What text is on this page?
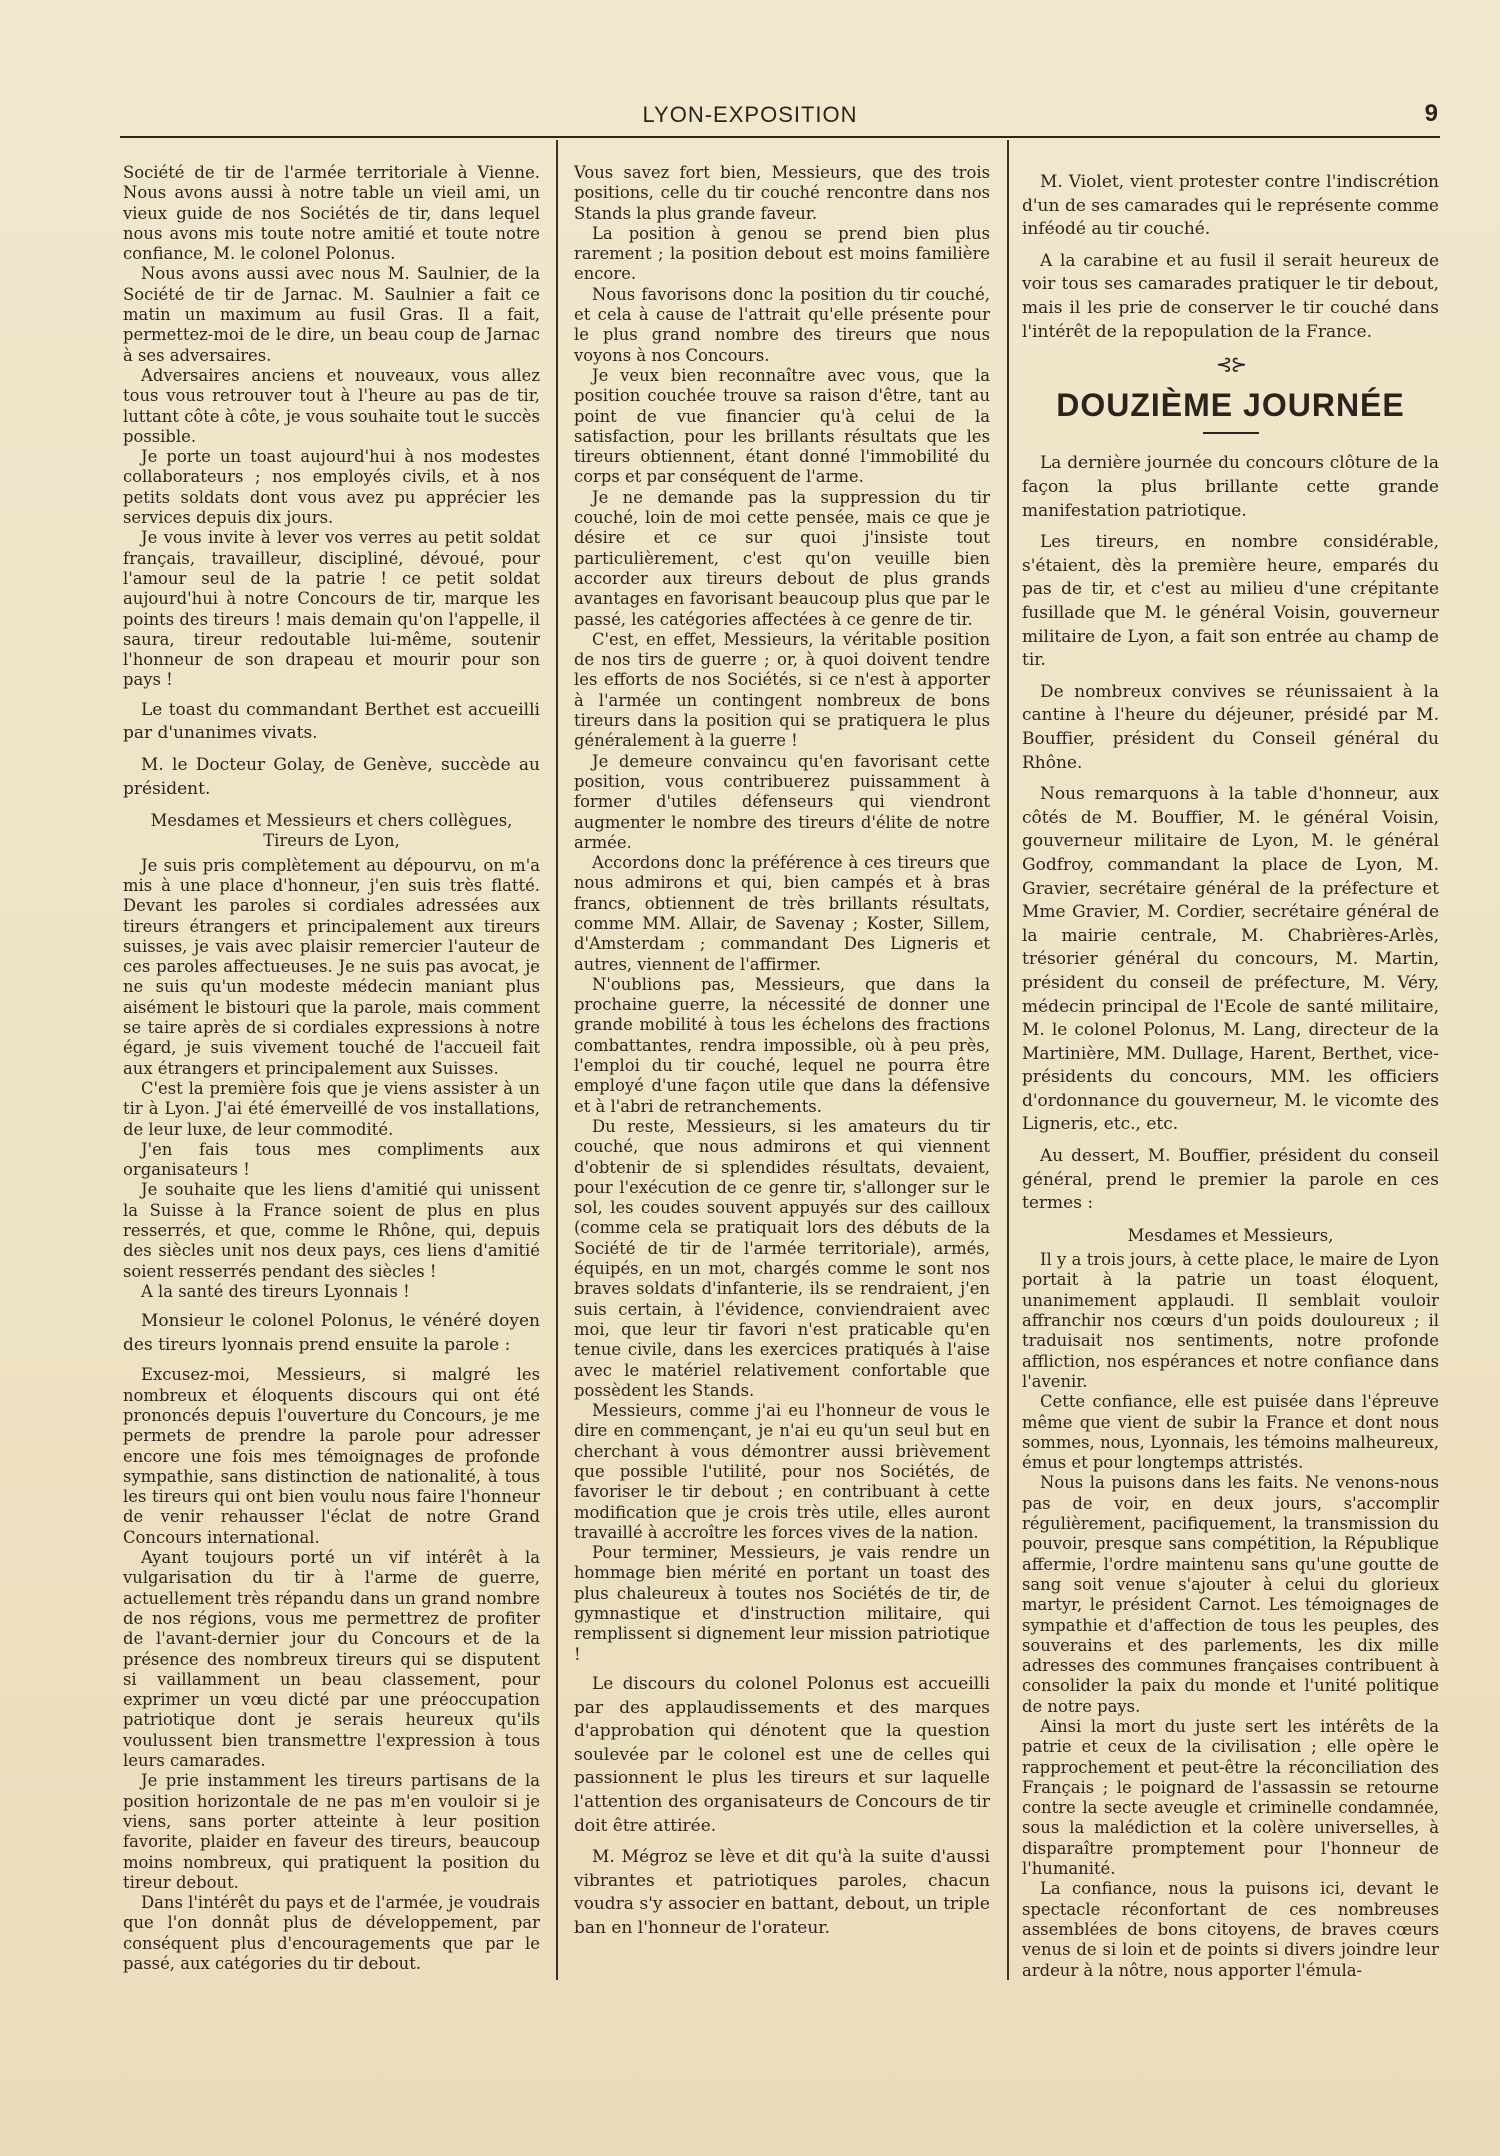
LYON-EXPOSITION	9

Société de tir de l'armée territoriale à Vienne. Nous avons aussi à notre table un vieil ami, un vieux guide de nos Sociétés de tir, dans lequel nous avons mis toute notre amitié et toute notre confiance, M. le colonel Polonus.

Nous avons aussi avec nous M. Saulnier, de la Société de tir de Jarnac. M. Saulnier a fait ce matin un maximum au fusil Gras. Il a fait, permettez-moi de le dire, un beau coup de Jarnac à ses adversaires.

Adversaires anciens et nouveaux, vous allez tous vous retrouver tout à l'heure au pas de tir, luttant côte à côte, je vous souhaite tout le succès possible.

Je porte un toast aujourd'hui à nos modestes collaborateurs ; nos employés civils, et à nos petits soldats dont vous avez pu apprécier les services depuis dix jours.

Je vous invite à lever vos verres au petit soldat français, travailleur, discipliné, dévoué, pour l'amour seul de la patrie ! ce petit soldat aujourd'hui à notre Concours de tir, marque les points des tireurs ! mais demain qu'on l'appelle, il saura, tireur redoutable lui-même, soutenir l'honneur de son drapeau et mourir pour son pays !

Le toast du commandant Berthet est accueilli par d'unanimes vivats.

M. le Docteur Golay, de Genève, succède au président.

Mesdames et Messieurs et chers collègues, Tireurs de Lyon,

Je suis pris complètement au dépourvu, on m'a mis à une place d'honneur, j'en suis très flatté. Devant les paroles si cordiales adressées aux tireurs étrangers et principalement aux tireurs suisses, je vais avec plaisir remercier l'auteur de ces paroles affectueuses. Je ne suis pas avocat, je ne suis qu'un modeste médecin maniant plus aisément le bistouri que la parole, mais comment se taire après de si cordiales expressions à notre égard, je suis vivement touché de l'accueil fait aux étrangers et principalement aux Suisses.

C'est la première fois que je viens assister à un tir à Lyon. J'ai été émerveillé de vos installations, de leur luxe, de leur commodité.

J'en fais tous mes compliments aux organisateurs !

Je souhaite que les liens d'amitié qui unissent la Suisse à la France soient de plus en plus resserrés, et que, comme le Rhône, qui, depuis des siècles unit nos deux pays, ces liens d'amitié soient resserrés pendant des siècles !

A la santé des tireurs Lyonnais !

Monsieur le colonel Polonus, le vénéré doyen des tireurs lyonnais prend ensuite la parole :

Excusez-moi, Messieurs, si malgré les nombreux et éloquents discours qui ont été prononcés depuis l'ouverture du Concours, je me permets de prendre la parole pour adresser encore une fois mes témoignages de profonde sympathie, sans distinction de nationalité, à tous les tireurs qui ont bien voulu nous faire l'honneur de venir rehausser l'éclat de notre Grand Concours international.

Ayant toujours porté un vif intérêt à la vulgarisation du tir à l'arme de guerre, actuellement très répandu dans un grand nombre de nos régions, vous me permettrez de profiter de l'avant-dernier jour du Concours et de la présence des nombreux tireurs qui se disputent si vaillamment un beau classement, pour exprimer un vœu dicté par une préoccupation patriotique dont je serais heureux qu'ils voulussent bien transmettre l'expression à tous leurs camarades.

Je prie instamment les tireurs partisans de la position horizontale de ne pas m'en vouloir si je viens, sans porter atteinte à leur position favorite, plaider en faveur des tireurs, beaucoup moins nombreux, qui pratiquent la position du tireur debout.

Dans l'intérêt du pays et de l'armée, je voudrais que l'on donnât plus de développement, par conséquent plus d'encouragements que par le passé, aux catégories du tir debout.

Vous savez fort bien, Messieurs, que des trois positions, celle du tir couché rencontre dans nos Stands la plus grande faveur.

La position à genou se prend bien plus rarement ; la position debout est moins familière encore.

Nous favorisons donc la position du tir couché, et cela à cause de l'attrait qu'elle présente pour le plus grand nombre des tireurs que nous voyons à nos Concours.

Je veux bien reconnaître avec vous, que la position couchée trouve sa raison d'être, tant au point de vue financier qu'à celui de la satisfaction, pour les brillants résultats que les tireurs obtiennent, étant donné l'immobilité du corps et par conséquent de l'arme.

Je ne demande pas la suppression du tir couché, loin de moi cette pensée, mais ce que je désire et ce sur quoi j'insiste tout particulièrement, c'est qu'on veuille bien accorder aux tireurs debout de plus grands avantages en favorisant beaucoup plus que par le passé, les catégories affectées à ce genre de tir.

C'est, en effet, Messieurs, la véritable position de nos tirs de guerre ; or, à quoi doivent tendre les efforts de nos Sociétés, si ce n'est à apporter à l'armée un contingent nombreux de bons tireurs dans la position qui se pratiquera le plus généralement à la guerre !

Je demeure convaincu qu'en favorisant cette position, vous contribuerez puissamment à former d'utiles défenseurs qui viendront augmenter le nombre des tireurs d'élite de notre armée.

Accordons donc la préférence à ces tireurs que nous admirons et qui, bien campés et à bras francs, obtiennent de très brillants résultats, comme MM. Allair, de Savenay ; Koster, Sillem, d'Amsterdam ; commandant Des Ligneris et autres, viennent de l'affirmer.

N'oublions pas, Messieurs, que dans la prochaine guerre, la nécessité de donner une grande mobilité à tous les échelons des fractions combattantes, rendra impossible, où à peu près, l'emploi du tir couché, lequel ne pourra être employé d'une façon utile que dans la défensive et à l'abri de retranchements.

Du reste, Messieurs, si les amateurs du tir couché, que nous admirons et qui viennent d'obtenir de si splendides résultats, devaient, pour l'exécution de ce genre tir, s'allonger sur le sol, les coudes souvent appuyés sur des cailloux (comme cela se pratiquait lors des débuts de la Société de tir de l'armée territoriale), armés, équipés, en un mot, chargés comme le sont nos braves soldats d'infanterie, ils se rendraient, j'en suis certain, à l'évidence, conviendraient avec moi, que leur tir favori n'est praticable qu'en tenue civile, dans les exercices pratiqués à l'aise avec le matériel relativement confortable que possèdent les Stands.

Messieurs, comme j'ai eu l'honneur de vous le dire en commençant, je n'ai eu qu'un seul but en cherchant à vous démontrer aussi brièvement que possible l'utilité, pour nos Sociétés, de favoriser le tir debout ; en contribuant à cette modification que je crois très utile, elles auront travaillé à accroître les forces vives de la nation.

Pour terminer, Messieurs, je vais rendre un hommage bien mérité en portant un toast des plus chaleureux à toutes nos Sociétés de tir, de gymnastique et d'instruction militaire, qui remplissent si dignement leur mission patriotique !

Le discours du colonel Polonus est accueilli par des applaudissements et des marques d'approbation qui dénotent que la question soulevée par le colonel est une de celles qui passionnent le plus les tireurs et sur laquelle l'attention des organisateurs de Concours de tir doit être attirée.

M. Mégroz se lève et dit qu'à la suite d'aussi vibrantes et patriotiques paroles, chacun voudra s'y associer en battant, debout, un triple ban en l'honneur de l'orateur.

M. Violet, vient protester contre l'indiscrétion d'un de ses camarades qui le représente comme inféodé au tir couché.

A la carabine et au fusil il serait heureux de voir tous ses camarades pratiquer le tir debout, mais il les prie de conserver le tir couché dans l'intérêt de la repopulation de la France.

⊰⊱
DOUZIÈME JOURNÉE

La dernière journée du concours clôture de la façon la plus brillante cette grande manifestation patriotique.

Les tireurs, en nombre considérable, s'étaient, dès la première heure, emparés du pas de tir, et c'est au milieu d'une crépitante fusillade que M. le général Voisin, gouverneur militaire de Lyon, a fait son entrée au champ de tir.

De nombreux convives se réunissaient à la cantine à l'heure du déjeuner, présidé par M. Bouffier, président du Conseil général du Rhône.

Nous remarquons à la table d'honneur, aux côtés de M. Bouffier, M. le général Voisin, gouverneur militaire de Lyon, M. le général Godfroy, commandant la place de Lyon, M. Gravier, secrétaire général de la préfecture et Mme Gravier, M. Cordier, secrétaire général de la mairie centrale, M. Chabrières-Arlès, trésorier général du concours, M. Martin, président du conseil de préfecture, M. Véry, médecin principal de l'Ecole de santé militaire, M. le colonel Polonus, M. Lang, directeur de la Martinière, MM. Dullage, Harent, Berthet, vice-présidents du concours, MM. les officiers d'ordonnance du gouverneur, M. le vicomte des Ligneris, etc., etc.

Au dessert, M. Bouffier, président du conseil général, prend le premier la parole en ces termes :

Mesdames et Messieurs,

Il y a trois jours, à cette place, le maire de Lyon portait à la patrie un toast éloquent, unanimement applaudi. Il semblait vouloir affranchir nos cœurs d'un poids douloureux ; il traduisait nos sentiments, notre profonde affliction, nos espérances et notre confiance dans l'avenir.

Cette confiance, elle est puisée dans l'épreuve même que vient de subir la France et dont nous sommes, nous, Lyonnais, les témoins malheureux, émus et pour longtemps attristés.

Nous la puisons dans les faits. Ne venons-nous pas de voir, en deux jours, s'accomplir régulièrement, pacifiquement, la transmission du pouvoir, presque sans compétition, la République affermie, l'ordre maintenu sans qu'une goutte de sang soit venue s'ajouter à celui du glorieux martyr, le président Carnot. Les témoignages de sympathie et d'affection de tous les peuples, des souverains et des parlements, les dix mille adresses des communes françaises contribuent à consolider la paix du monde et l'unité politique de notre pays.

Ainsi la mort du juste sert les intérêts de la patrie et ceux de la civilisation ; elle opère le rapprochement et peut-être la réconciliation des Français ; le poignard de l'assassin se retourne contre la secte aveugle et criminelle condamnée, sous la malédiction et la colère universelles, à disparaître promptement pour l'honneur de l'humanité.

La confiance, nous la puisons ici, devant le spectacle réconfortant de ces nombreuses assemblées de bons citoyens, de braves cœurs venus de si loin et de points si divers joindre leur ardeur à la nôtre, nous apporter l'émula-
